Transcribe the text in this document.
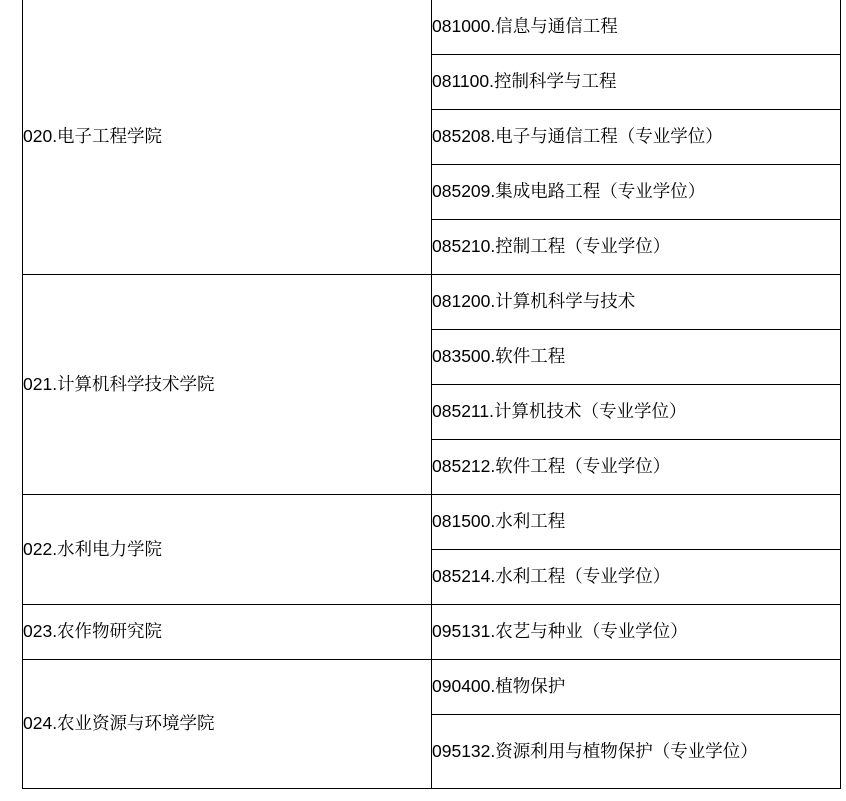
020.电子工程学院	081000.信息与通信工程

	081100.控制科学与工程

	085208.电子与通信工程（专业学位）

	085209.集成电路工程（专业学位）

	085210.控制工程（专业学位）

021.计算机科学技术学院	081200.计算机科学与技术

	083500.软件工程

	085211.计算机技术（专业学位）

	085212.软件工程（专业学位）

022.水利电力学院	081500.水利工程

	085214.水利工程（专业学位）

023.农作物研究院	095131.农艺与种业（专业学位）

024.农业资源与环境学院	090400.植物保护

	095132.资源利用与植物保护（专业学位）
